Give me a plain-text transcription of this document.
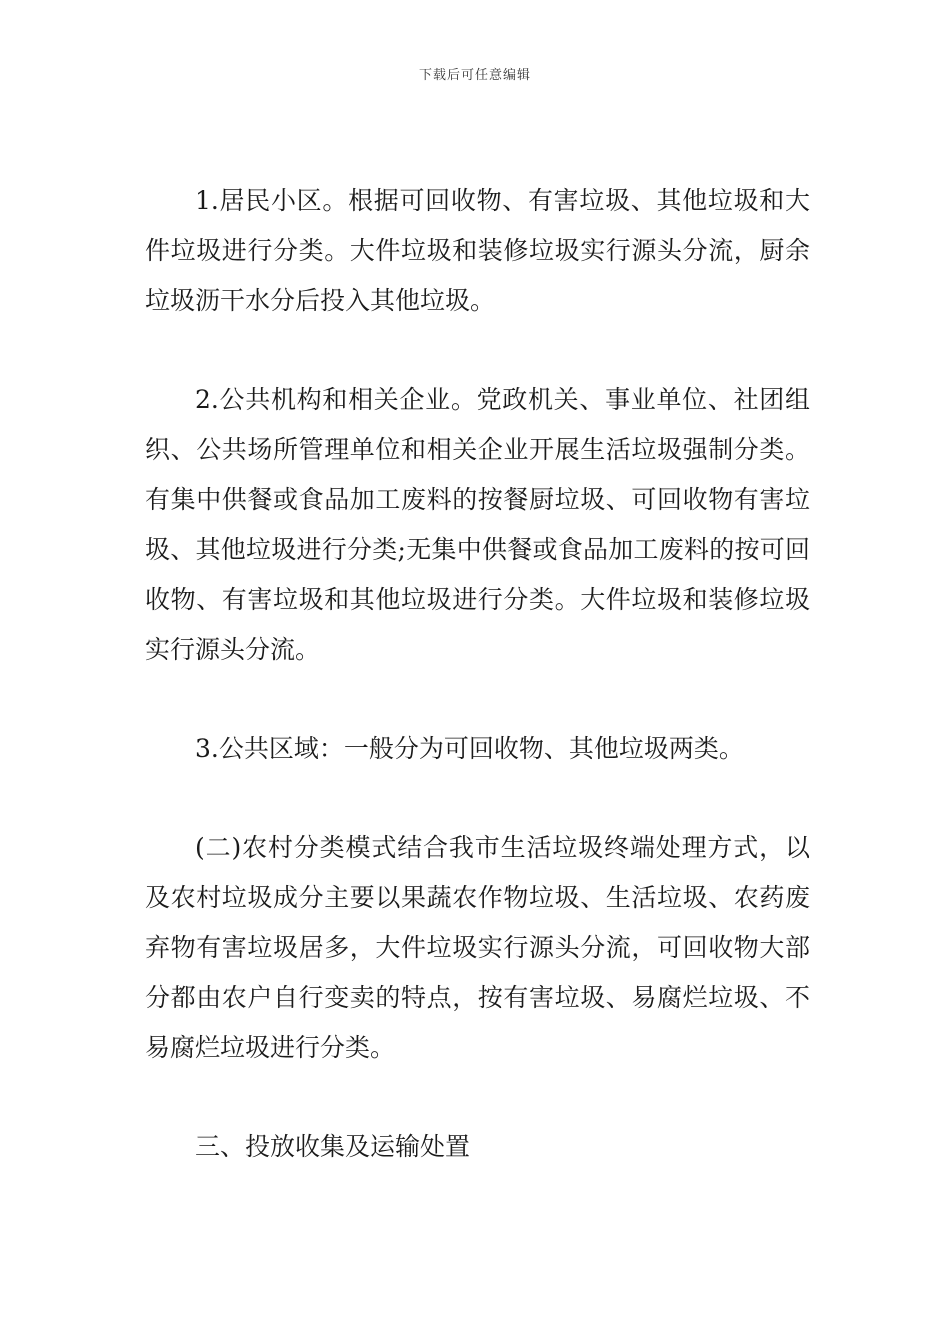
下载后可任意编辑

1.居民小区。根据可回收物、有害垃圾、其他垃圾和大件垃圾进行分类。大件垃圾和装修垃圾实行源头分流，厨余垃圾沥干水分后投入其他垃圾。

2.公共机构和相关企业。党政机关、事业单位、社团组织、公共场所管理单位和相关企业开展生活垃圾强制分类。有集中供餐或食品加工废料的按餐厨垃圾、可回收物有害垃圾、其他垃圾进行分类;无集中供餐或食品加工废料的按可回收物、有害垃圾和其他垃圾进行分类。大件垃圾和装修垃圾实行源头分流。

3.公共区域：一般分为可回收物、其他垃圾两类。

(二)农村分类模式结合我市生活垃圾终端处理方式，以及农村垃圾成分主要以果蔬农作物垃圾、生活垃圾、农药废弃物有害垃圾居多，大件垃圾实行源头分流，可回收物大部分都由农户自行变卖的特点，按有害垃圾、易腐烂垃圾、不易腐烂垃圾进行分类。

三、投放收集及运输处置
